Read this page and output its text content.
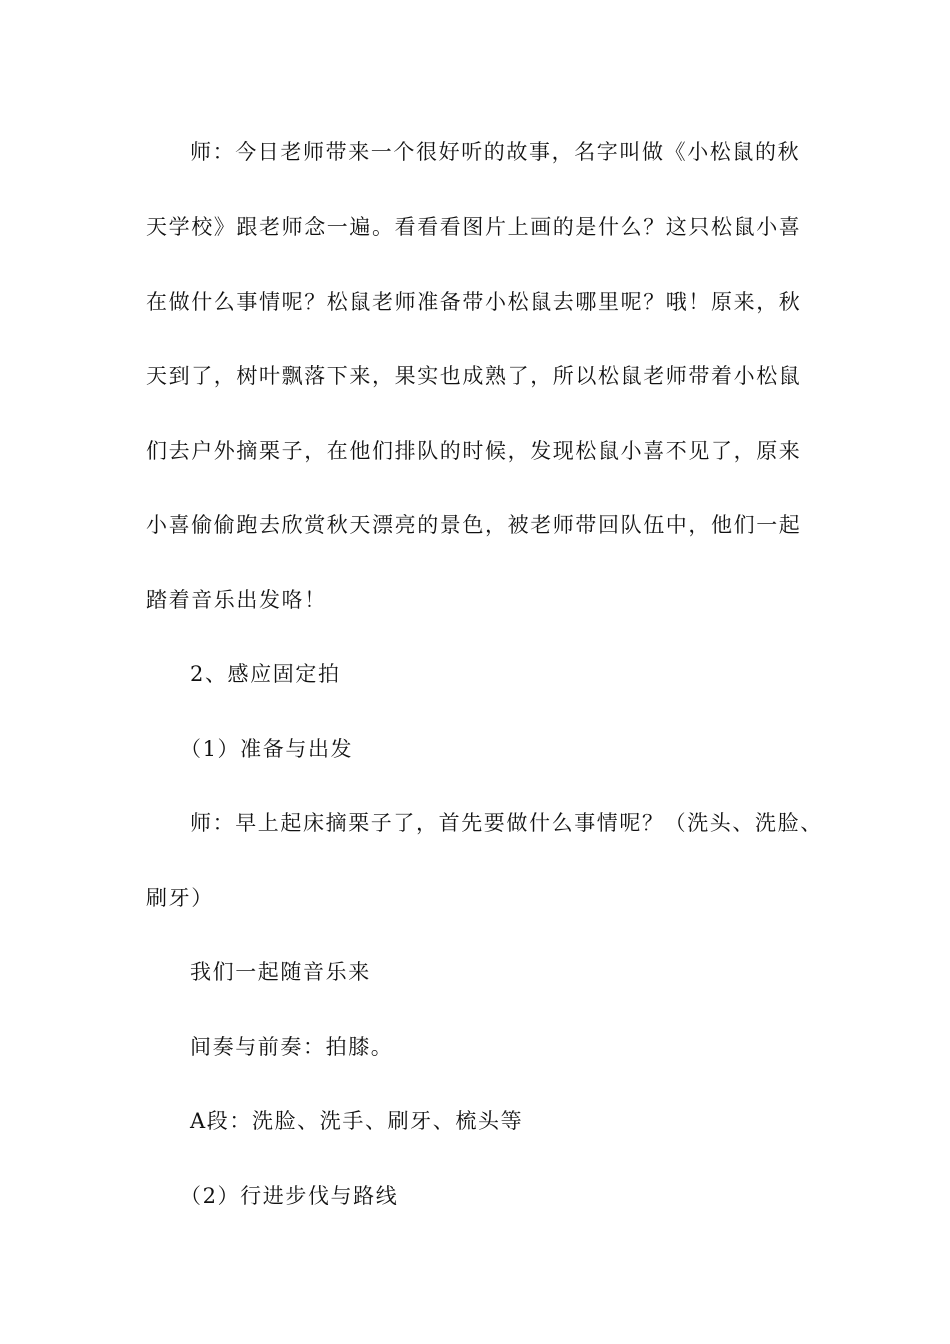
师：今日老师带来一个很好听的故事，名字叫做《小松鼠的秋
天学校》跟老师念一遍。看看看图片上画的是什么？这只松鼠小喜
在做什么事情呢？松鼠老师准备带小松鼠去哪里呢？哦！原来，秋
天到了，树叶飘落下来，果实也成熟了，所以松鼠老师带着小松鼠
们去户外摘栗子，在他们排队的时候，发现松鼠小喜不见了，原来
小喜偷偷跑去欣赏秋天漂亮的景色，被老师带回队伍中，他们一起
踏着音乐出发咯！
2、感应固定拍
（1）准备与出发
师：早上起床摘栗子了，首先要做什么事情呢？（洗头、洗脸、
刷牙）
我们一起随音乐来
间奏与前奏：拍膝。
A段：洗脸、洗手、刷牙、梳头等
（2）行进步伐与路线
